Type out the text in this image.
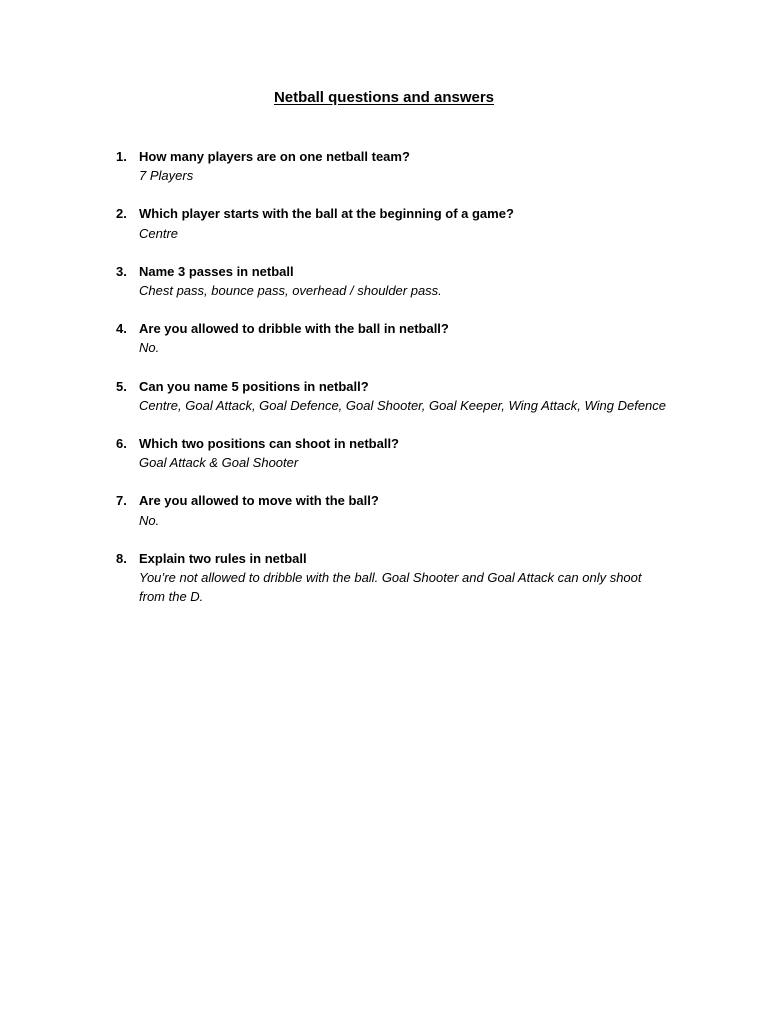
Netball questions and answers
1. How many players are on one netball team?
7 Players
2. Which player starts with the ball at the beginning of a game?
Centre
3. Name 3 passes in netball
Chest pass, bounce pass, overhead / shoulder pass.
4. Are you allowed to dribble with the ball in netball?
No.
5. Can you name 5 positions in netball?
Centre, Goal Attack, Goal Defence, Goal Shooter, Goal Keeper, Wing Attack, Wing Defence
6. Which two positions can shoot in netball?
Goal Attack & Goal Shooter
7. Are you allowed to move with the ball?
No.
8. Explain two rules in netball
You’re not allowed to dribble with the ball. Goal Shooter and Goal Attack can only shoot from the D.
